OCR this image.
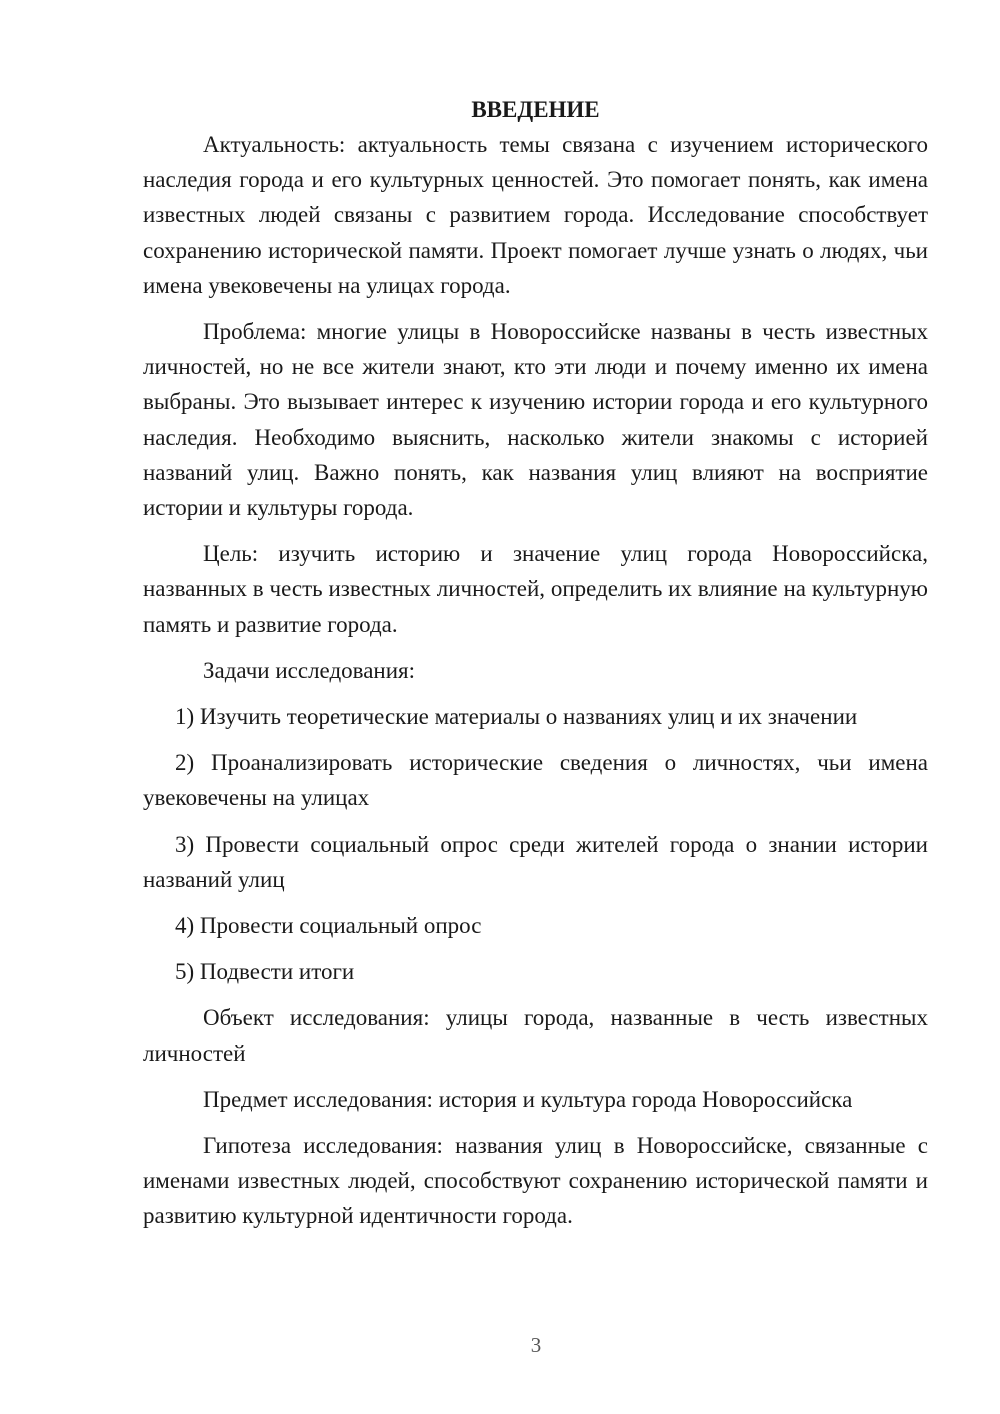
ВВЕДЕНИЕ

Актуальность: актуальность темы связана с изучением исторического наследия города и его культурных ценностей. Это помогает понять, как имена известных людей связаны с развитием города. Исследование способствует сохранению исторической памяти. Проект помогает лучше узнать о людях, чьи имена увековечены на улицах города.

Проблема: многие улицы в Новороссийске названы в честь известных личностей, но не все жители знают, кто эти люди и почему именно их имена выбраны. Это вызывает интерес к изучению истории города и его культурного наследия. Необходимо выяснить, насколько жители знакомы с историей названий улиц. Важно понять, как названия улиц влияют на восприятие истории и культуры города.

Цель: изучить историю и значение улиц города Новороссийска, названных в честь известных личностей, определить их влияние на культурную память и развитие города.

Задачи исследования:

1) Изучить теоретические материалы о названиях улиц и их значении

2) Проанализировать исторические сведения о личностях, чьи имена увековечены на улицах

3) Провести социальный опрос среди жителей города о знании истории названий улиц

4) Провести социальный опрос

5) Подвести итоги

Объект исследования: улицы города, названные в честь известных личностей

Предмет исследования: история и культура города Новороссийска

Гипотеза исследования: названия улиц в Новороссийске, связанные с именами известных людей, способствуют сохранению исторической памяти и развитию культурной идентичности города.

3
